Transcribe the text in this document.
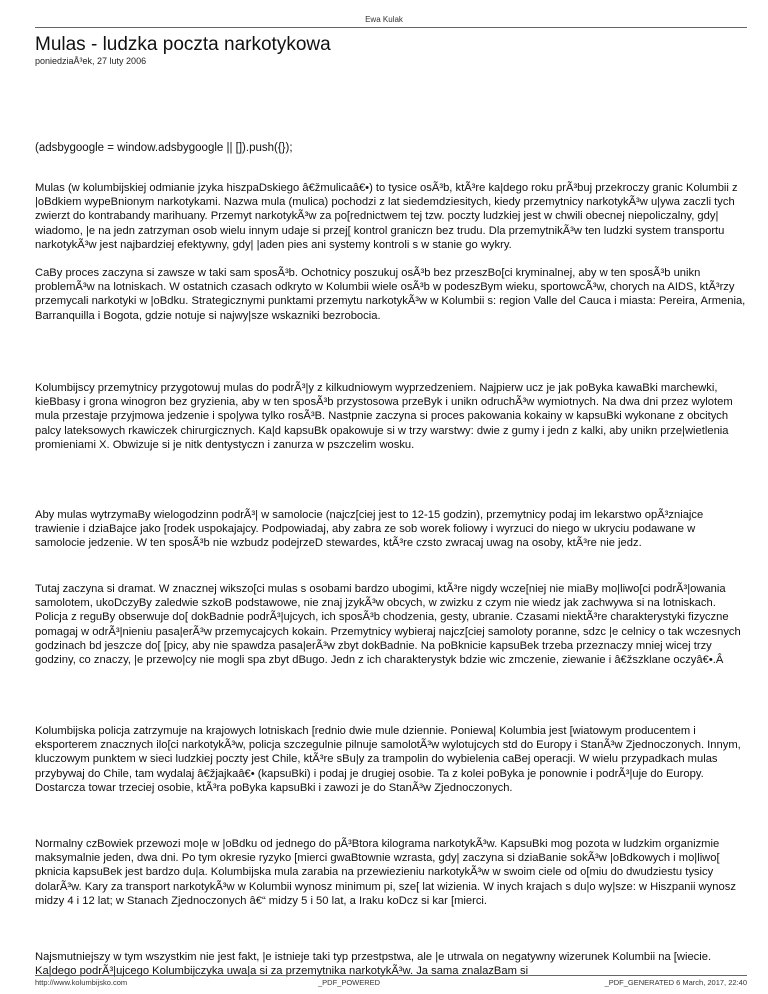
Ewa Kulak
Mulas - ludzka poczta narkotykowa
poniedziaÅ³ek, 27 luty 2006
(adsbygoogle = window.adsbygoogle || []).push({});

Mulas (w kolumbijskiej odmianie jzyka hiszpaDskiego â€žmulicaâ€•) to tysice osÃ³b, ktÃ³re ka|dego roku prÃ³buj przekroczy granic Kolumbii z |oBdkiem wypeBnionym narkotykami. Nazwa mula (mulica) pochodzi z lat siedemdziesitych, kiedy przemytnicy narkotykÃ³w u|ywa zaczli tych zwierzt do kontrabandy marihuany. Przemyt narkotykÃ³w za po[rednictwem tej tzw. poczty ludzkiej jest w chwili obecnej niepoliczalny, gdy| wiadomo, |e na jedn zatrzyman osob wielu innym udaje si przej[ kontrol graniczn bez trudu. Dla przemytnikÃ³w ten ludzki system transportu narkotykÃ³w jest najbardziej efektywny, gdy| |aden pies ani systemy kontroli s w stanie go wykry.

CaBy proces zaczyna si zawsze w taki sam sposÃ³b. Ochotnicy poszukuj osÃ³b bez przeszBo[ci kryminalnej, aby w ten sposÃ³b unikn problemÃ³w na lotniskach. W ostatnich czasach odkryto w Kolumbii wiele osÃ³b w podeszBym wieku, sportowcÃ³w, chorych na AIDS, ktÃ³rzy przemycali narkotyki w |oBdku. Strategicznymi punktami przemytu narkotykÃ³w w Kolumbii s: region Valle del Cauca i miasta: Pereira, Armenia, Barranquilla i Bogota, gdzie notuje si najwy|sze wskazniki bezrobocia.

Kolumbijscy przemytnicy przygotowuj mulas do podrÃ³|y z kilkudniowym wyprzedzeniem. Najpierw ucz je jak poByka kawaBki marchewki, kieBbasy i grona winogron bez gryzienia, aby w ten sposÃ³b przystosowa przeByk i unikn odruchÃ³w wymiotnych. Na dwa dni przez wylotem mula przestaje przyjmowa jedzenie i spo|ywa tylko rosÃ³B. Nastpnie zaczyna si proces pakowania kokainy w kapsuBki wykonane z obcitych palcy lateksowych rkawiczek chirurgicznych. Ka|d kapsuBk opakowuje si w trzy warstwy: dwie z gumy i jedn z kalki, aby unikn prze|wietlenia promieniami X. Obwizuje si je nitk dentystyczn i zanurza w pszczelim wosku.

Aby mulas wytrzymaBy wielogodzinn podrÃ³| w samolocie (najcz[ciej jest to 12-15 godzin), przemytnicy podaj im lekarstwo opÃ³zniajce trawienie i dziaBajce jako [rodek uspokajajcy. Podpowiadaj, aby zabra ze sob worek foliowy i wyrzuci do niego w ukryciu podawane w samolocie jedzenie. W ten sposÃ³b nie wzbudz podejrzeD stewardes, ktÃ³re czsto zwracaj uwag na osoby, ktÃ³re nie jedz.

Tutaj zaczyna si dramat. W znacznej wikszo[ci mulas s osobami bardzo ubogimi, ktÃ³re nigdy wcze[niej nie miaBy mo|liwo[ci podrÃ³|owania samolotem, ukoDczyBy zaledwie szkoB podstawowe, nie znaj jzykÃ³w obcych, w zwizku z czym nie wiedz jak zachwywa si na lotniskach. Policja z reguBy obserwuje do[ dokBadnie podrÃ³|ujcych, ich sposÃ³b chodzenia, gesty, ubranie. Czasami niektÃ³re charakterystyki fizyczne pomagaj w odrÃ³|nieniu pasa|erÃ³w przemycajcych kokain. Przemytnicy wybieraj najcz[ciej samoloty poranne, sdzc |e celnicy o tak wczesnych godzinach bd jeszcze do[ [picy, aby nie spawdza pasa|erÃ³w zbyt dokBadnie. Na poBknicie kapsuBek trzeba przeznaczy mniej wicej trzy godziny, co znaczy, |e przewo|cy nie mogli spa zbyt dBugo. Jedn z ich charakterystyk bdzie wic zmczenie, ziewanie i â€žszklane oczyâ€•.Â

Kolumbijska policja zatrzymuje na krajowych lotniskach [rednio dwie mule dziennie. Poniewa| Kolumbia jest [wiatowym producentem i eksporterem znacznych ilo[ci narkotykÃ³w, policja szczegulnie pilnuje samolotÃ³w wylotujcych std do Europy i StanÃ³w Zjednoczonych. Innym, kluczowym punktem w sieci ludzkiej poczty jest Chile, ktÃ³re sBu|y za trampolin do wybielenia caBej operacji. W wielu przypadkach mulas przybywaj do Chile, tam wydalaj â€žjajkaâ€• (kapsuBki) i podaj je drugiej osobie. Ta z kolei poByka je ponownie i podrÃ³|uje do Europy. Dostarcza towar trzeciej osobie, ktÃ³ra poByka kapsuBki i zawozi je do StanÃ³w Zjednoczonych.

Normalny czBowiek przewozi mo|e w |oBdku od jednego do pÃ³Btora kilograma narkotykÃ³w. KapsuBki mog pozota w ludzkim organizmie maksymalnie jeden, dwa dni. Po tym okresie ryzyko [mierci gwaBtownie wzrasta, gdy| zaczyna si dziaBanie sokÃ³w |oBdkowych i mo|liwo[ pknicia kapsuBek jest bardzo du|a. Kolumbijska mula zarabia na przewiezieniu narkotykÃ³w w swoim ciele od o[miu do dwudziestu tysicy dolarÃ³w. Kary za transport narkotykÃ³w w Kolumbii wynosz minimum pi, sze[ lat wizienia. W inych krajach s du|o wy|sze: w Hiszpanii wynosz midzy 4 i 12 lat; w Stanach Zjednoczonych â€“ midzy 5 i 50 lat, a Iraku koDcz si kar [mierci.

Najsmutniejszy w tym wszystkim nie jest fakt, |e istnieje taki typ przestpstwa, ale |e utrwala on negatywny wizerunek Kolumbii na [wiecie. Ka|dego podrÃ³|ujcego Kolumbijczyka uwa|a si za przemytnika narkotykÃ³w. Ja sama znalazBam si

http://www.kolumbijsko.com	_PDF_POWERED	_PDF_GENERATED 6 March, 2017, 22:40
